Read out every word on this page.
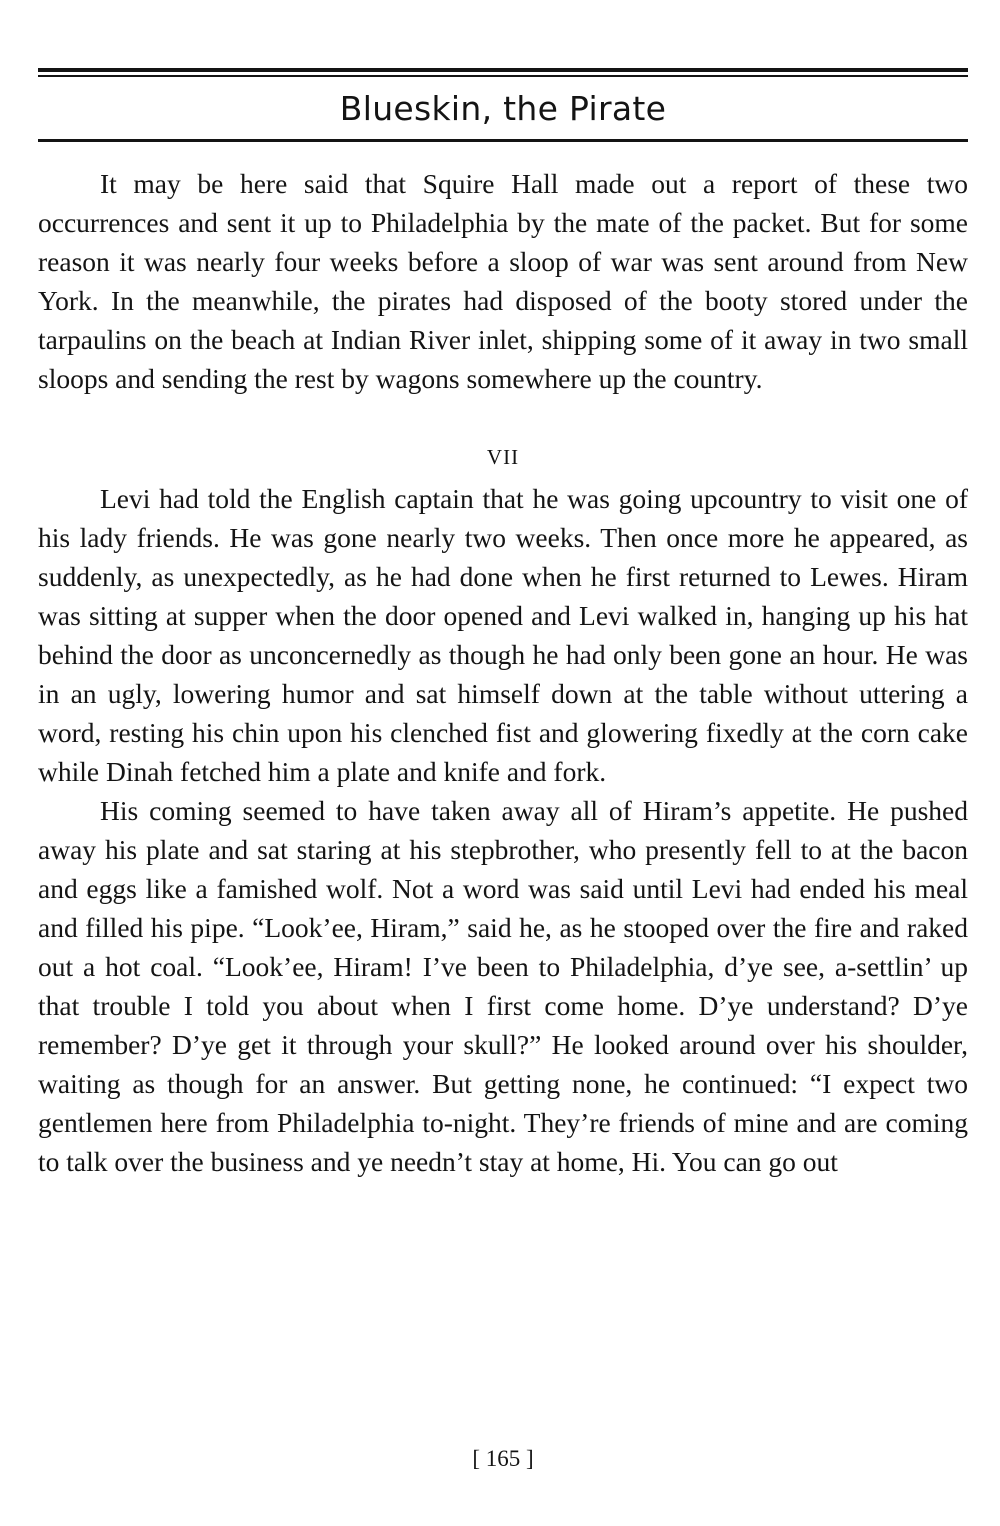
Blueskin, the Pirate

It may be here said that Squire Hall made out a report of these two occurrences and sent it up to Philadelphia by the mate of the packet. But for some reason it was nearly four weeks before a sloop of war was sent around from New York. In the meanwhile, the pirates had disposed of the booty stored under the tarpaulins on the beach at Indian River inlet, shipping some of it away in two small sloops and sending the rest by wagons somewhere up the country.

VII

Levi had told the English captain that he was going upcountry to visit one of his lady friends. He was gone nearly two weeks. Then once more he appeared, as suddenly, as unexpectedly, as he had done when he first returned to Lewes. Hiram was sitting at supper when the door opened and Levi walked in, hanging up his hat behind the door as unconcernedly as though he had only been gone an hour. He was in an ugly, lowering humor and sat himself down at the table without uttering a word, resting his chin upon his clenched fist and glowering fixedly at the corn cake while Dinah fetched him a plate and knife and fork.

His coming seemed to have taken away all of Hiram’s appetite. He pushed away his plate and sat staring at his stepbrother, who presently fell to at the bacon and eggs like a famished wolf. Not a word was said until Levi had ended his meal and filled his pipe. “Look’ee, Hiram,” said he, as he stooped over the fire and raked out a hot coal. “Look’ee, Hiram! I’ve been to Philadelphia, d’ye see, a-settlin’ up that trouble I told you about when I first come home. D’ye understand? D’ye remember? D’ye get it through your skull?” He looked around over his shoulder, waiting as though for an answer. But getting none, he continued: “I expect two gentlemen here from Philadelphia to-night. They’re friends of mine and are coming to talk over the business and ye needn’t stay at home, Hi. You can go out

[ 165 ]
